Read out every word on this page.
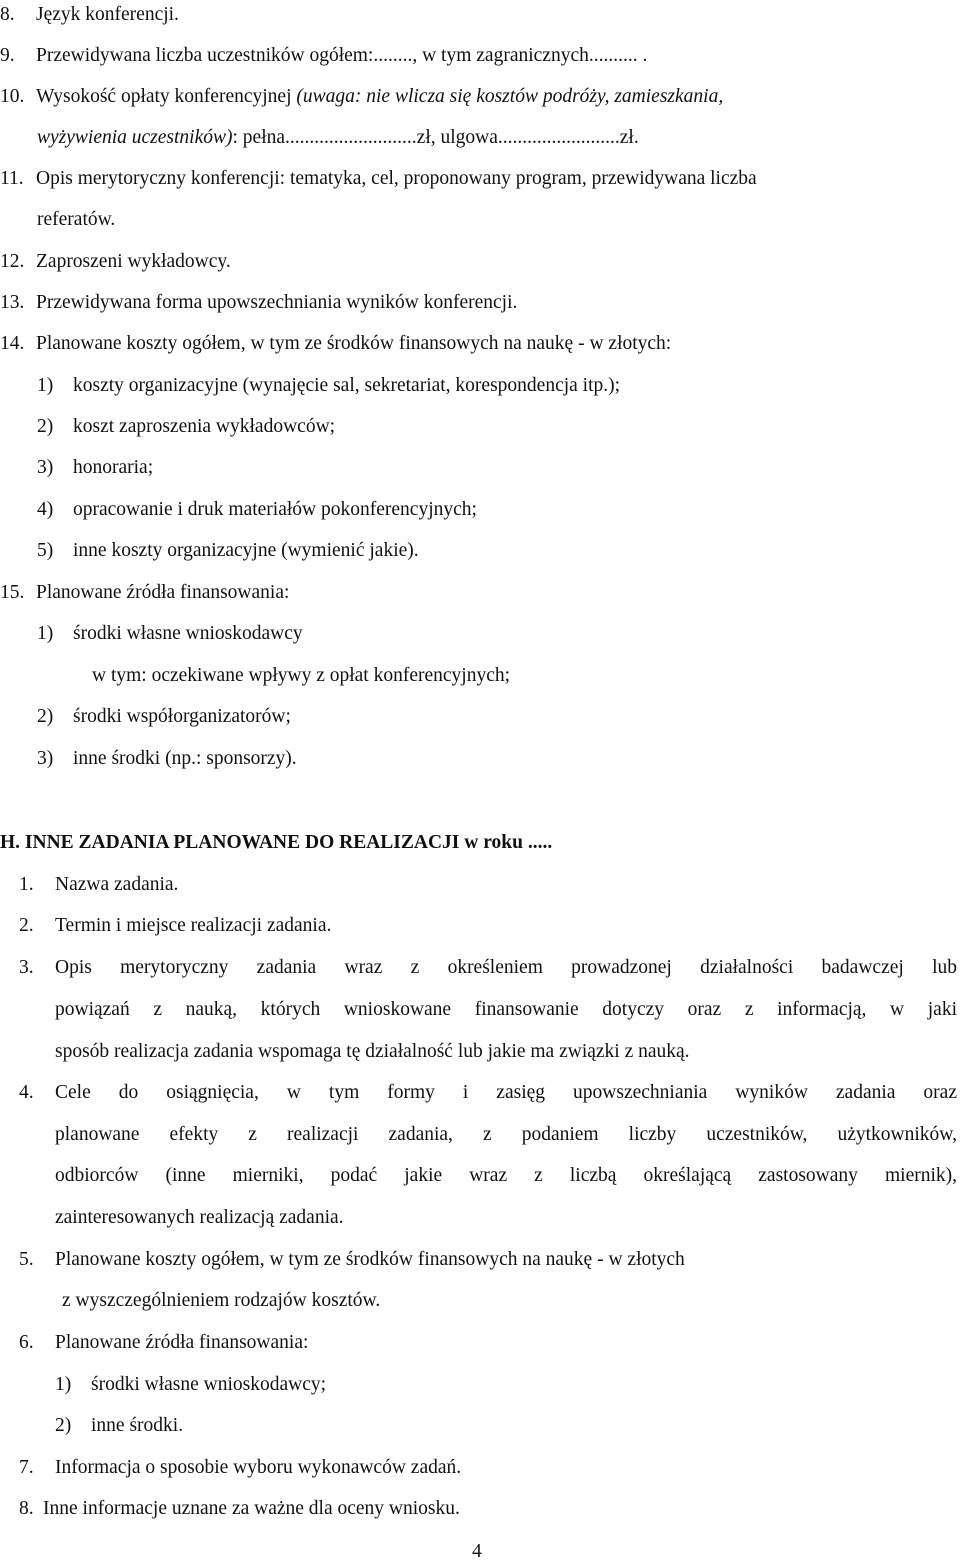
8. Język konferencji.
9. Przewidywana liczba uczestników ogółem:........, w tym zagranicznych.......... .
10. Wysokość opłaty konferencyjnej (uwaga: nie wlicza się kosztów podróży, zamieszkania,
wyżywienia uczestników): pełna...........................zł, ulgowa.........................zł.
11. Opis merytoryczny konferencji: tematyka, cel, proponowany program, przewidywana liczba
referatów.
12. Zaproszeni wykładowcy.
13. Przewidywana forma upowszechniania wyników konferencji.
14. Planowane koszty ogółem, w tym ze środków finansowych na naukę - w złotych:
1) koszty organizacyjne (wynajęcie sal, sekretariat, korespondencja itp.);
2) koszt zaproszenia wykładowców;
3) honoraria;
4) opracowanie i druk materiałów pokonferencyjnych;
5) inne koszty organizacyjne (wymienić jakie).
15. Planowane źródła finansowania:
1) środki własne wnioskodawcy
w tym: oczekiwane wpływy z opłat konferencyjnych;
2) środki współorganizatorów;
3) inne środki (np.: sponsorzy).
H. INNE ZADANIA PLANOWANE DO REALIZACJI w roku .....
1. Nazwa zadania.
2. Termin i miejsce realizacji zadania.
3. Opis merytoryczny zadania wraz z określeniem prowadzonej działalności badawczej lub
powiązań z nauką, których wnioskowane finansowanie dotyczy oraz z informacją, w jaki
sposób realizacja zadania wspomaga tę działalność lub jakie ma związki z nauką.
4. Cele do osiągnięcia, w tym formy i zasięg upowszechniania wyników zadania oraz
planowane efekty z realizacji zadania, z podaniem liczby uczestników, użytkowników,
odbiorców (inne mierniki, podać jakie wraz z liczbą określającą zastosowany miernik),
zainteresowanych realizacją zadania.
5. Planowane koszty ogółem, w tym ze środków finansowych na naukę - w złotych
z wyszczególnieniem rodzajów kosztów.
6. Planowane źródła finansowania:
1) środki własne wnioskodawcy;
2) inne środki.
7. Informacja o sposobie wyboru wykonawców zadań.
8. Inne informacje uznane za ważne dla oceny wniosku.
4
